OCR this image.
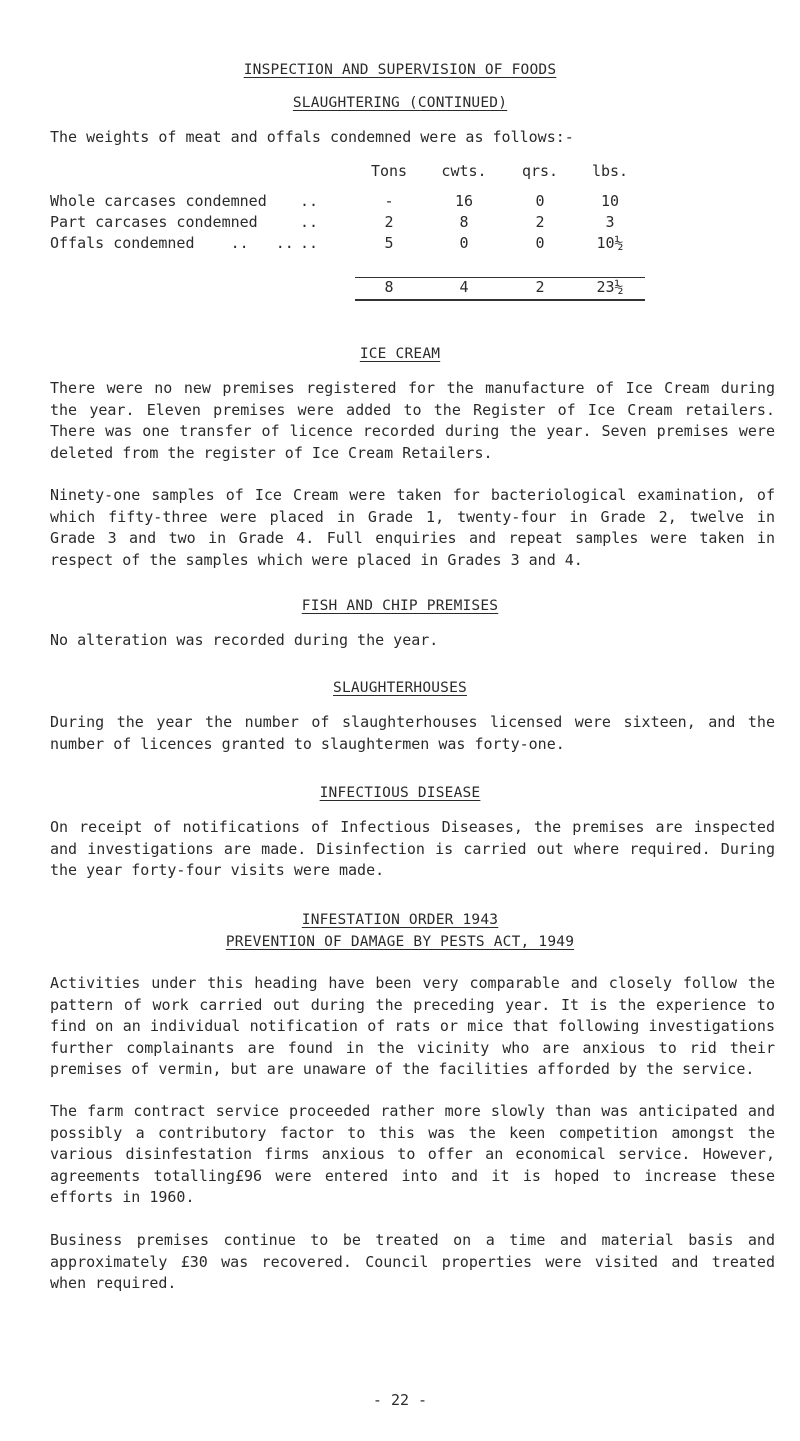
INSPECTION AND SUPERVISION OF FOODS
SLAUGHTERING (CONTINUED)
The weights of meat and offals condemned were as follows:-
		Tons	cwts.	qrs.	lbs.
Whole carcases condemned	..	-	16	0	10
Part carcases condemned	..	2	8	2	3
Offals condemned    ..   ..	..	5	0	0	10½

		8	4	2	23½
ICE CREAM
There were no new premises registered for the manufacture of Ice Cream during the year. Eleven premises were added to the Register of Ice Cream retailers. There was one transfer of licence recorded during the year. Seven premises were deleted from the register of Ice Cream Retailers.
Ninety-one samples of Ice Cream were taken for bacteriological examination, of which fifty-three were placed in Grade 1, twenty-four in Grade 2, twelve in Grade 3 and two in Grade 4. Full enquiries and repeat samples were taken in respect of the samples which were placed in Grades 3 and 4.
FISH AND CHIP PREMISES
No alteration was recorded during the year.
SLAUGHTERHOUSES
During the year the number of slaughterhouses licensed were sixteen, and the number of licences granted to slaughtermen was forty-one.
INFECTIOUS DISEASE
On receipt of notifications of Infectious Diseases, the premises are inspected and investigations are made. Disinfection is carried out where required. During the year forty-four visits were made.
INFESTATION ORDER 1943
PREVENTION OF DAMAGE BY PESTS ACT, 1949
Activities under this heading have been very comparable and closely follow the pattern of work carried out during the preceding year. It is the experience to find on an individual notification of rats or mice that following investigations further complainants are found in the vicinity who are anxious to rid their premises of vermin, but are unaware of the facilities afforded by the service.
The farm contract service proceeded rather more slowly than was anticipated and possibly a contributory factor to this was the keen competition amongst the various disinfestation firms anxious to offer an economical service. However, agreements totalling£96 were entered into and it is hoped to increase these efforts in 1960.
Business premises continue to be treated on a time and material basis and approximately £30 was recovered. Council properties were visited and treated when required.
- 22 -
